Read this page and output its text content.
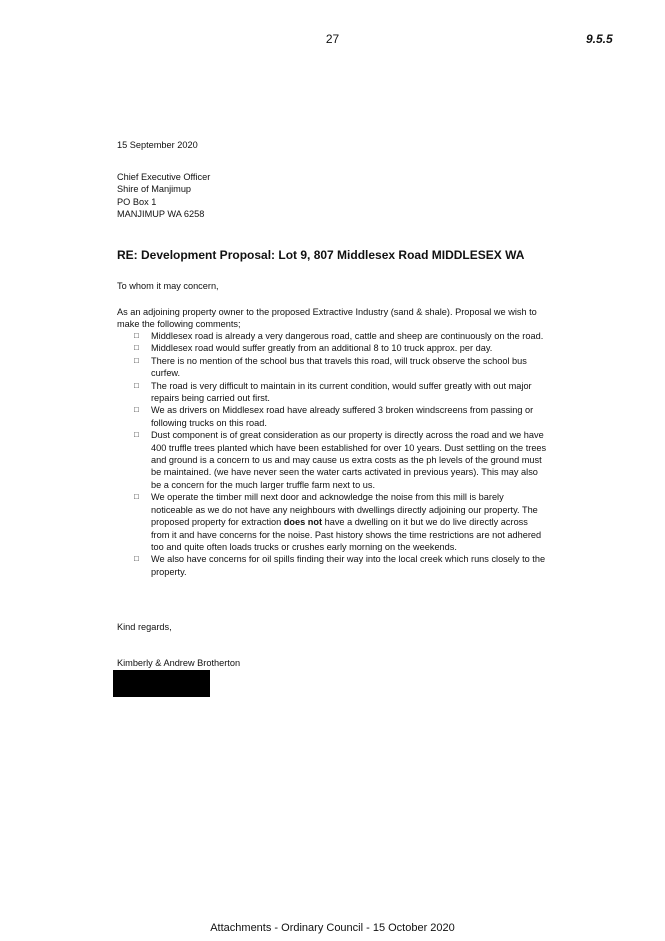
27	9.5.5
15 September 2020
Chief Executive Officer
Shire of Manjimup
PO Box 1
MANJIMUP WA 6258
RE: Development Proposal: Lot 9, 807 Middlesex Road MIDDLESEX WA
To whom it may concern,
As an adjoining property owner to the proposed Extractive Industry (sand & shale). Proposal we wish to make the following comments;
□	Middlesex road is already a very dangerous road, cattle and sheep are continuously on the road.
□	Middlesex road would suffer greatly from an additional 8 to 10 truck approx. per day.
□	There is no mention of the school bus that travels this road, will truck observe the school bus curfew.
□	The road is very difficult to maintain in its current condition, would suffer greatly with out major repairs being carried out first.
□	We as drivers on Middlesex road have already suffered 3 broken windscreens from passing or following trucks on this road.
□	Dust component is of great consideration as our property is directly across the road and we have 400 truffle trees planted which have been established for over 10 years. Dust settling on the trees and ground is a concern to us and may cause us extra costs as the ph levels of the ground must be maintained. (we have never seen the water carts activated in previous years). This may also be a concern for the much larger truffle farm next to us.
□	We operate the timber mill next door and acknowledge the noise from this mill is barely noticeable as we do not have any neighbours with dwellings directly adjoining our property. The proposed property for extraction does not have a dwelling on it but we do live directly across from it and have concerns for the noise. Past history shows the time restrictions are not adhered too and quite often loads trucks or crushes early morning on the weekends.
□	We also have concerns for oil spills finding their way into the local creek which runs closely to the property.
Kind regards,
Kimberly & Andrew Brotherton
Attachments - Ordinary Council - 15 October 2020
